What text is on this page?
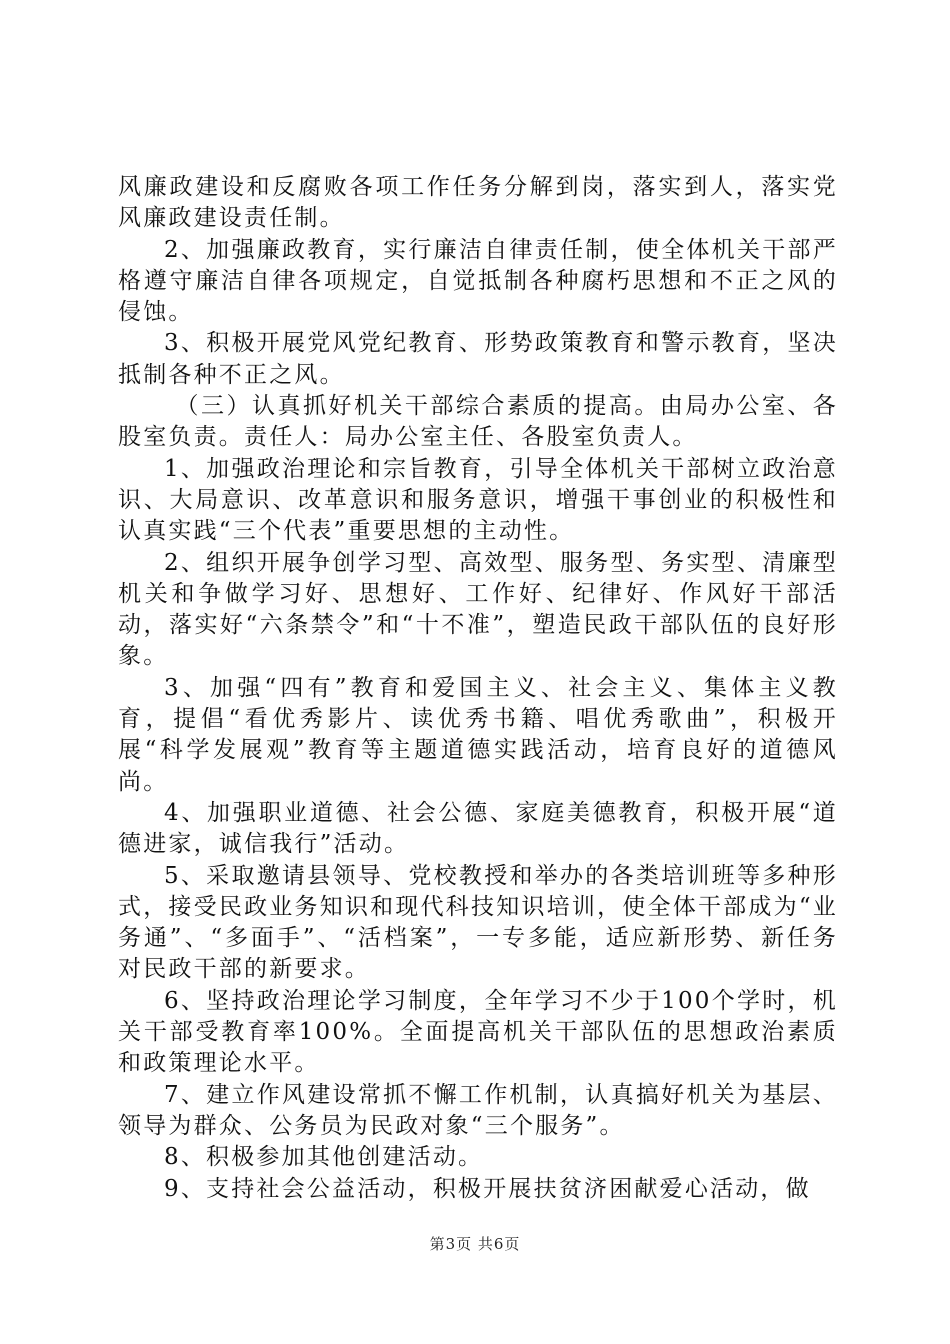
风廉政建设和反腐败各项工作任务分解到岗，落实到人，落实党风廉政建设责任制。

2、加强廉政教育，实行廉洁自律责任制，使全体机关干部严格遵守廉洁自律各项规定，自觉抵制各种腐朽思想和不正之风的侵蚀。

3、积极开展党风党纪教育、形势政策教育和警示教育，坚决抵制各种不正之风。

（三）认真抓好机关干部综合素质的提高。由局办公室、各股室负责。责任人：局办公室主任、各股室负责人。

1、加强政治理论和宗旨教育，引导全体机关干部树立政治意识、大局意识、改革意识和服务意识，增强干事创业的积极性和认真实践“三个代表”重要思想的主动性。

2、组织开展争创学习型、高效型、服务型、务实型、清廉型机关和争做学习好、思想好、工作好、纪律好、作风好干部活动，落实好“六条禁令”和“十不准”，塑造民政干部队伍的良好形象。

3、加强“四有”教育和爱国主义、社会主义、集体主义教育，提倡“看优秀影片、读优秀书籍、唱优秀歌曲”，积极开展“科学发展观”教育等主题道德实践活动，培育良好的道德风尚。

4、加强职业道德、社会公德、家庭美德教育，积极开展“道德进家，诚信我行”活动。

5、采取邀请县领导、党校教授和举办的各类培训班等多种形式，接受民政业务知识和现代科技知识培训，使全体干部成为“业务通”、“多面手”、“活档案”，一专多能，适应新形势、新任务对民政干部的新要求。

6、坚持政治理论学习制度，全年学习不少于100个学时，机关干部受教育率100%。全面提高机关干部队伍的思想政治素质和政策理论水平。

7、建立作风建设常抓不懈工作机制，认真搞好机关为基层、领导为群众、公务员为民政对象“三个服务”。

8、积极参加其他创建活动。

9、支持社会公益活动，积极开展扶贫济困献爱心活动，做

第3页 共6页
